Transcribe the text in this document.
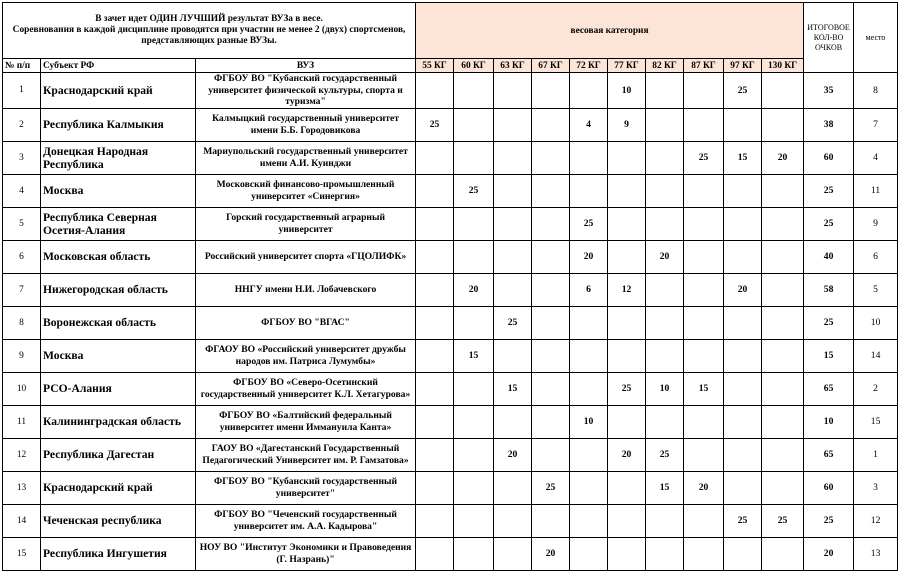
В зачет идет ОДИН ЛУЧШИЙ результат ВУЗа в весе.
Соревнования в каждой дисциплине проводятся при участии не менее 2 (двух) спортсменов, представляющих разные ВУЗы.			весовая категория										ИТОГОВОЕ КОЛ-ВО ОЧКОВ	место
№ п/п	Субъект РФ	ВУЗ	55 КГ	60 КГ	63 КГ	67 КГ	72 КГ	77 КГ	82 КГ	87 КГ	97 КГ	130 КГ		
1	Краснодарский край	ФГБОУ ВО "Кубанский государственный университет физической культуры, спорта и туризма"						10			25		35	8
2	Республика Калмыкия	Калмыцкий государственный университет имени Б.Б. Городовикова	25				4	9					38	7
3	Донецкая Народная Республика	Мариупольский государственный университет имени А.И. Куинджи								25	15	20	60	4
4	Москва	Московский финансово-промышленный университет «Синергия»		25									25	11
5	Республика Северная Осетия-Алания	Горский государственный аграрный университет					25						25	9
6	Московская область	Российский университет спорта «ГЦОЛИФК»					20		20				40	6
7	Нижегородская область	ННГУ имени Н.И. Лобачевского		20			6	12			20		58	5
8	Воронежская область	ФГБОУ ВО "ВГАС"			25								25	10
9	Москва	ФГАОУ ВО «Российский университет дружбы народов им. Патриса Лумумбы»		15									15	14
10	РСО-Алания	ФГБОУ ВО «Северо-Осетинский государственный университет К.Л. Хетагурова»			15			25	10	15			65	2
11	Калининградская область	ФГБОУ ВО «Балтийский федеральный университет имени Иммануила Канта»					10						10	15
12	Республика Дагестан	ГАОУ ВО «Дагестанский Государственный Педагогический Университет им. Р. Гамзатова»			20			20	25				65	1
13	Краснодарский край	ФГБОУ ВО "Кубанский государственный университет"				25			15	20			60	3
14	Чеченская республика	ФГБОУ ВО "Чеченский государственный университет им. А.А. Кадырова"									25	25	25	12
15	Республика Ингушетия	НОУ ВО "Институт Экономики и Правоведения (Г. Назрань)"				20							20	13
